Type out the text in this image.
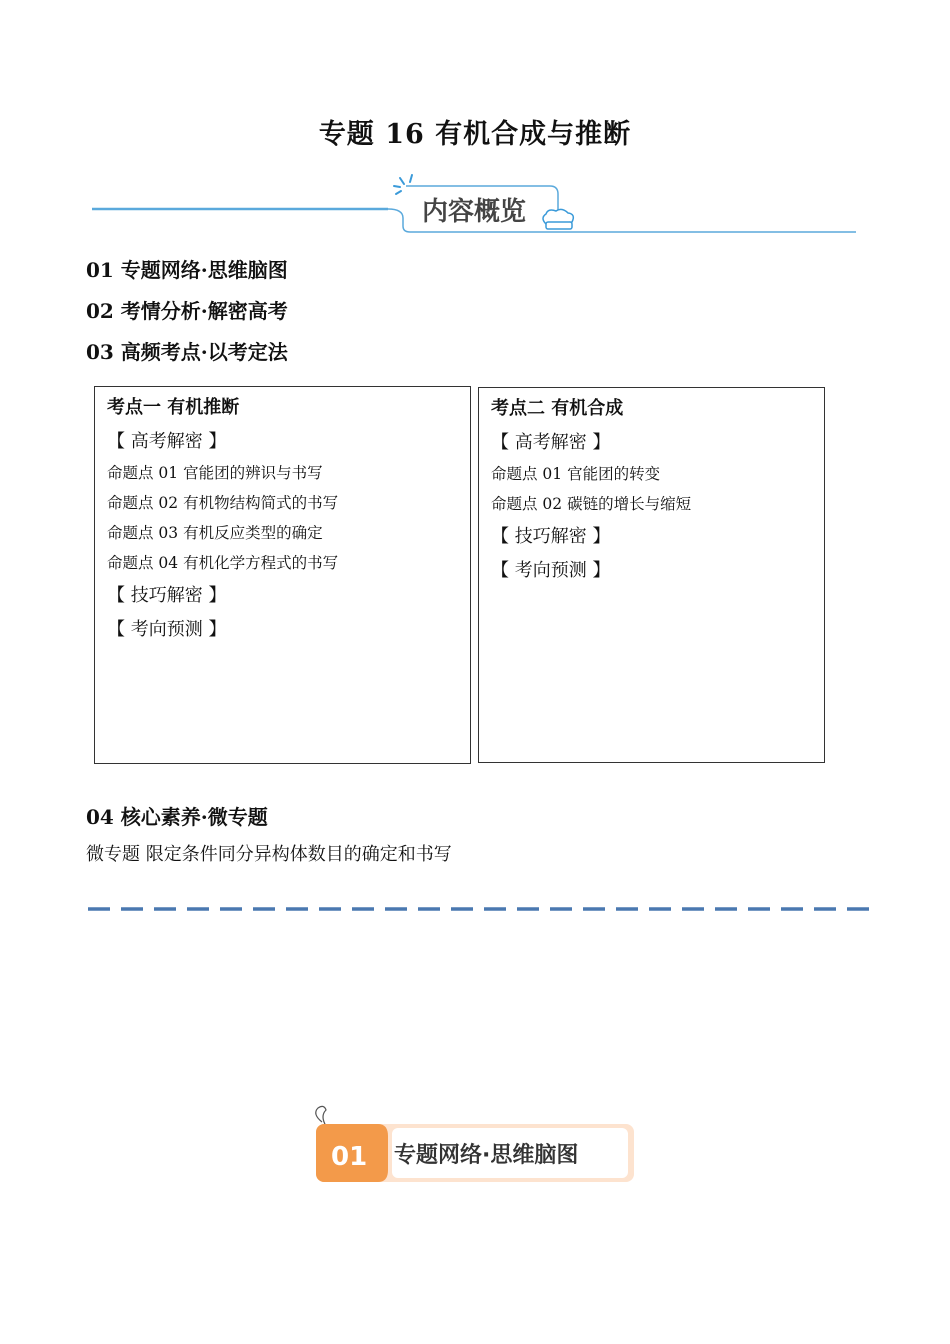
专题 16 有机合成与推断
内容概览
01 专题网络·思维脑图
02 考情分析·解密高考
03 高频考点·以考定法
考点一 有机推断
【 高考解密 】
命题点 01 官能团的辨识与书写
命题点 02 有机物结构简式的书写
命题点 03 有机反应类型的确定
命题点 04 有机化学方程式的书写
【 技巧解密 】
【 考向预测 】
考点二 有机合成
【 高考解密 】
命题点 01 官能团的转变
命题点 02 碳链的增长与缩短
【 技巧解密 】
【 考向预测 】
04 核心素养·微专题
微专题 限定条件同分异构体数目的确定和书写
01 专题网络·思维脑图
